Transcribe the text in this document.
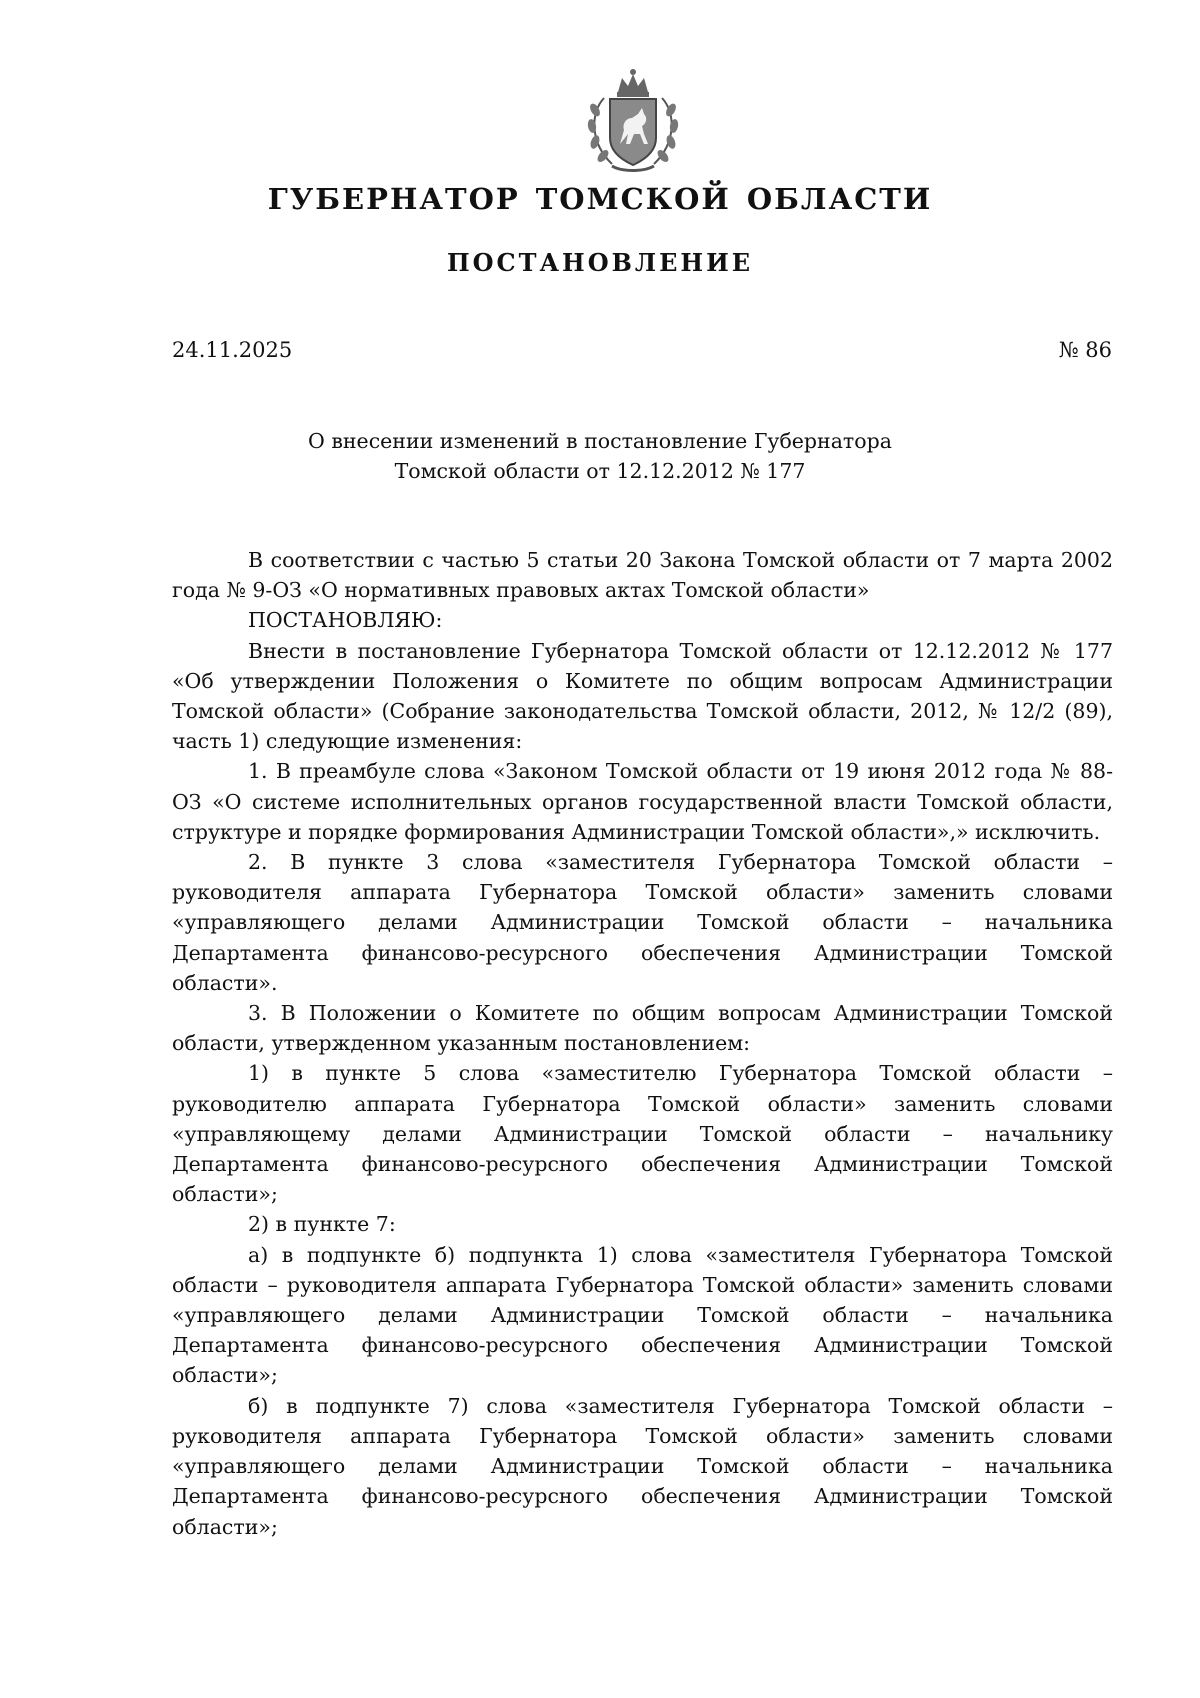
ГУБЕРНАТОР ТОМСКОЙ ОБЛАСТИ
ПОСТАНОВЛЕНИЕ
24.11.2025	№ 86
О внесении изменений в постановление Губернатора
Томской области от 12.12.2012 № 177

В соответствии с частью 5 статьи 20 Закона Томской области от 7 марта 2002 года № 9-ОЗ «О нормативных правовых актах Томской области»

ПОСТАНОВЛЯЮ:

Внести в постановление Губернатора Томской области от 12.12.2012 № 177 «Об утверждении Положения о Комитете по общим вопросам Администрации Томской области» (Собрание законодательства Томской области, 2012, № 12/2 (89), часть 1) следующие изменения:

1. В преамбуле слова «Законом Томской области от 19 июня 2012 года № 88-ОЗ «О системе исполнительных органов государственной власти Томской области, структуре и порядке формирования Администрации Томской области»,» исключить.

2. В пункте 3 слова «заместителя Губернатора Томской области – руководителя аппарата Губернатора Томской области» заменить словами «управляющего делами Администрации Томской области – начальника Департамента финансово-ресурсного обеспечения Администрации Томской области».

3. В Положении о Комитете по общим вопросам Администрации Томской области, утвержденном указанным постановлением:

1) в пункте 5 слова «заместителю Губернатора Томской области – руководителю аппарата Губернатора Томской области» заменить словами «управляющему делами Администрации Томской области – начальнику Департамента финансово-ресурсного обеспечения Администрации Томской области»;

2) в пункте 7:

а) в подпункте б) подпункта 1) слова «заместителя Губернатора Томской области – руководителя аппарата Губернатора Томской области» заменить словами «управляющего делами Администрации Томской области – начальника Департамента финансово-ресурсного обеспечения Администрации Томской области»;

б) в подпункте 7) слова «заместителя Губернатора Томской области – руководителя аппарата Губернатора Томской области» заменить словами «управляющего делами Администрации Томской области – начальника Департамента финансово-ресурсного обеспечения Администрации Томской области»;
